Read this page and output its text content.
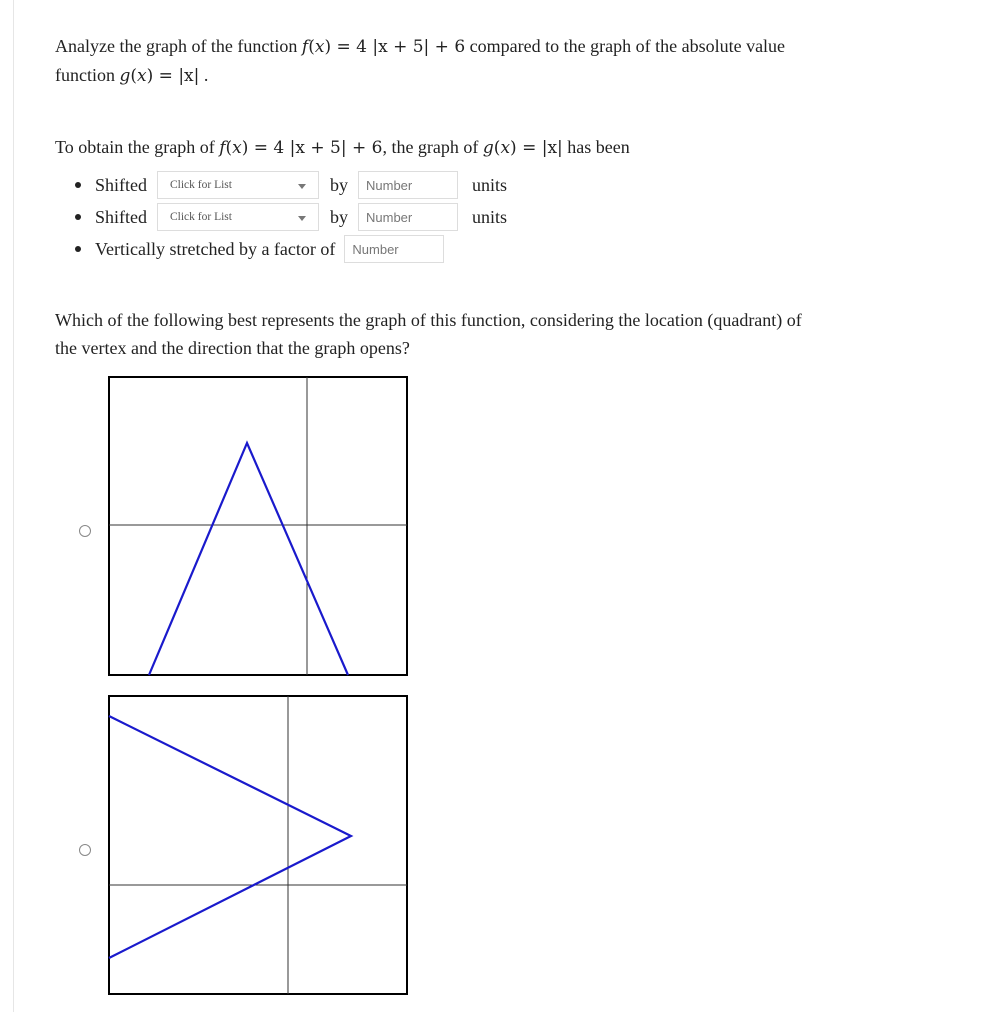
Analyze the graph of the function f(x) = 4 |x + 5| + 6 compared to the graph of the absolute value
function g(x) = |x| .
To obtain the graph of f(x) = 4 |x + 5| + 6, the graph of g(x) = |x| has been
Shifted Click for List	by Number	units
Shifted Click for List	by Number	units
Vertically stretched by a factor of Number
Which of the following best represents the graph of this function, considering the location (quadrant) of
the vertex and the direction that the graph opens?
